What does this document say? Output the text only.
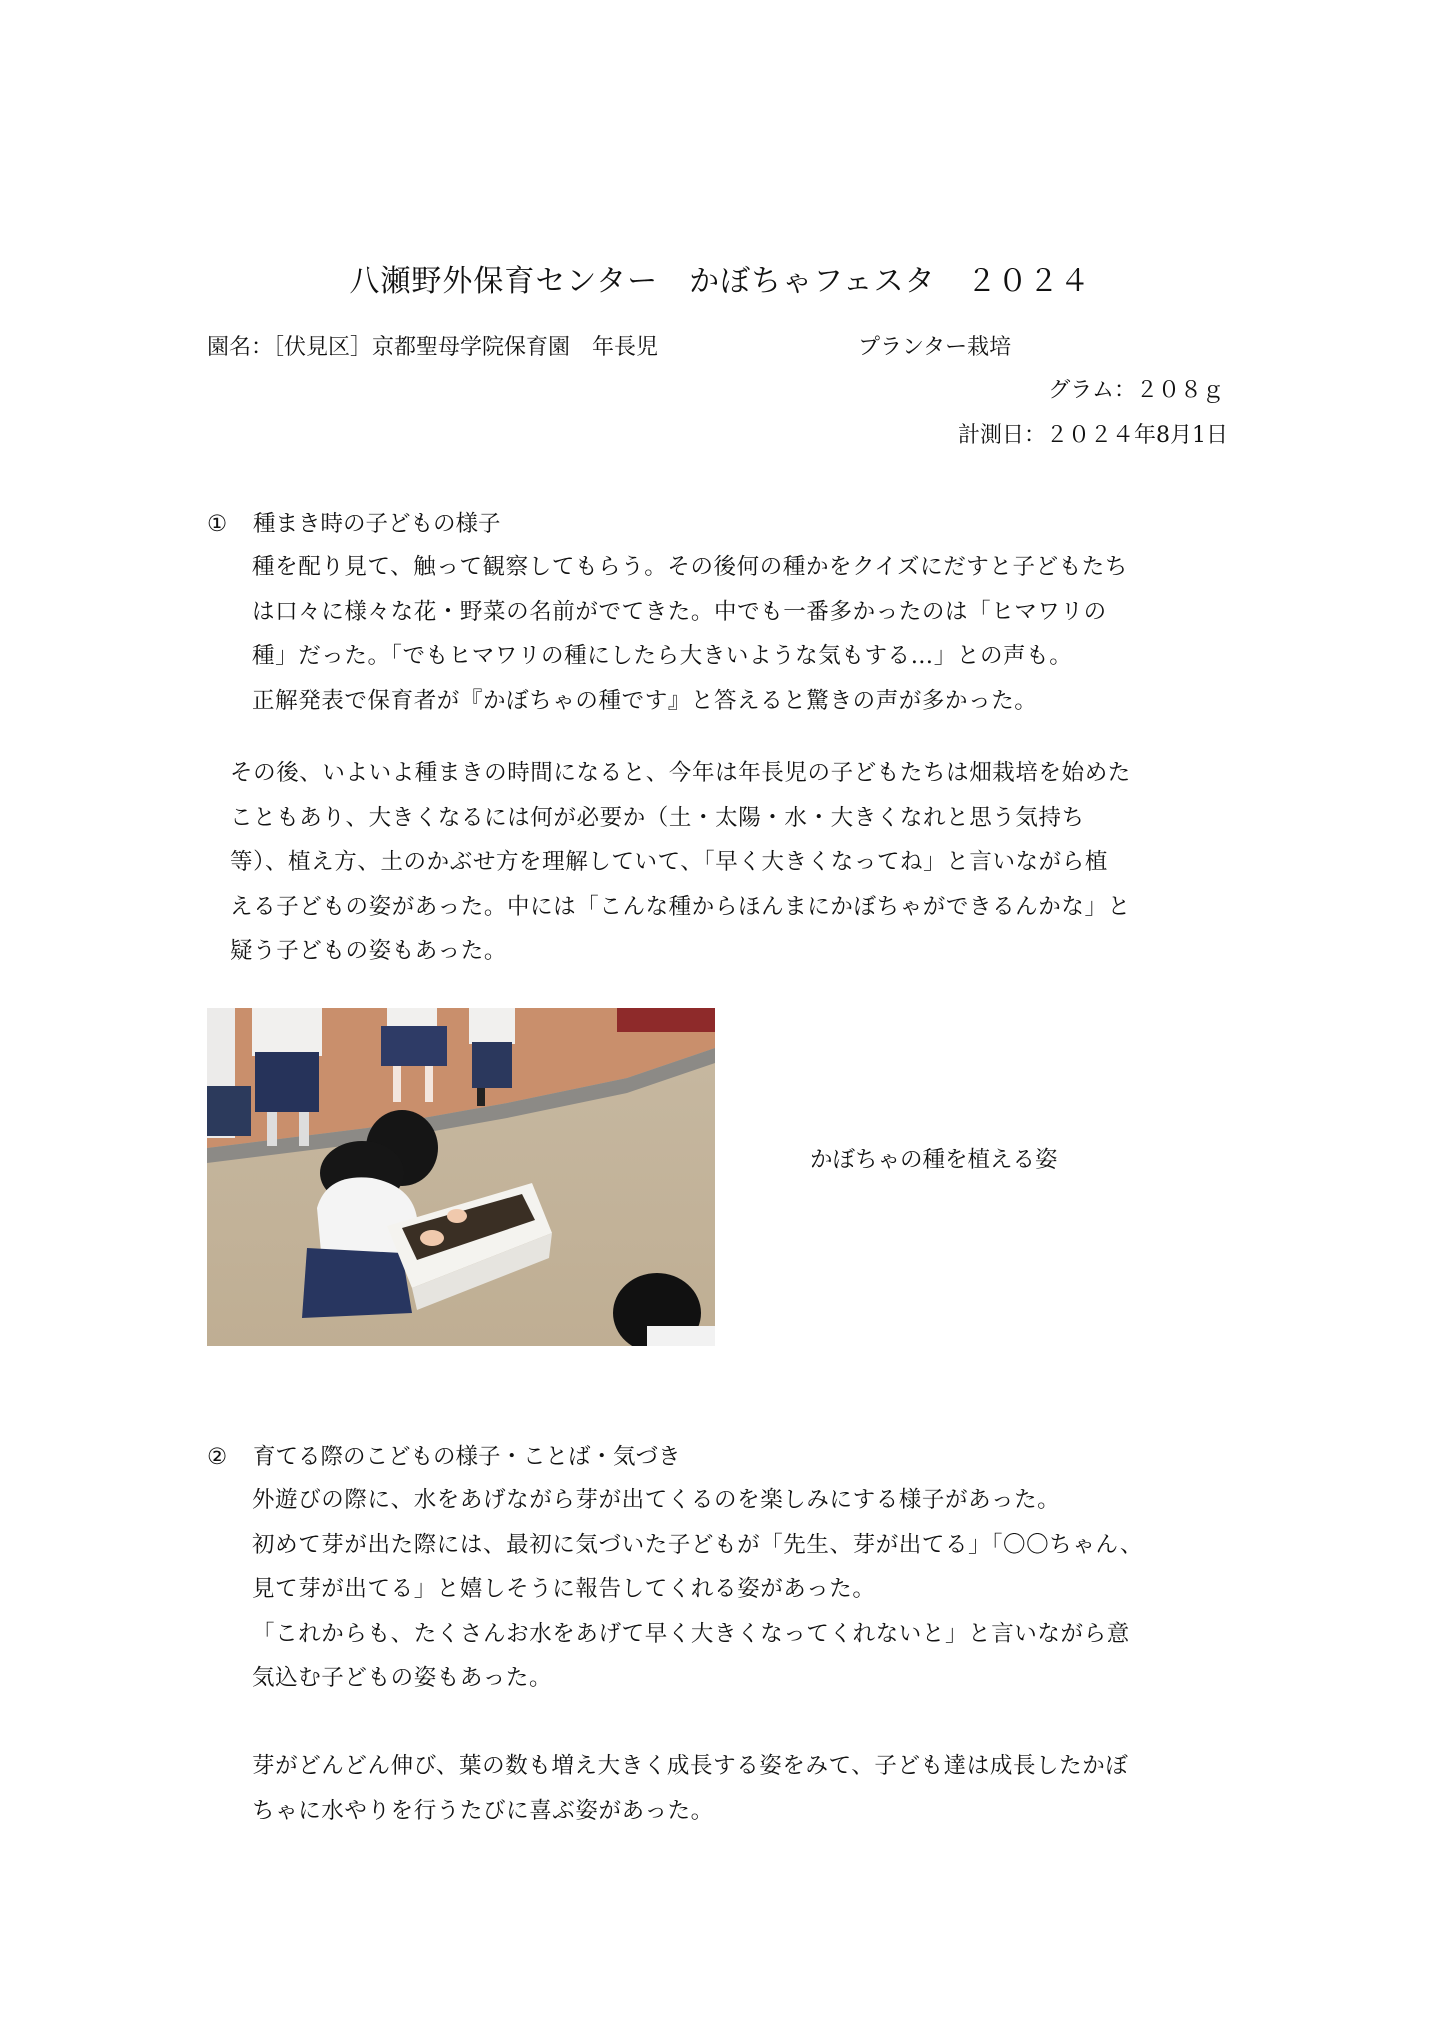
八瀬野外保育センター　かぼちゃフェスタ　２０２４
園名：［伏見区］京都聖母学院保育園　年長児	プランター栽培
グラム：２０８ｇ
計測日：２０２４年8月1日
① 種まき時の子どもの様子

種を配り見て、触って観察してもらう。その後何の種かをクイズにだすと子どもたち

は口々に様々な花・野菜の名前がでてきた。中でも一番多かったのは「ヒマワリの

種」だった。「でもヒマワリの種にしたら大きいような気もする…」との声も。

正解発表で保育者が『かぼちゃの種です』と答えると驚きの声が多かった。

その後、いよいよ種まきの時間になると、今年は年長児の子どもたちは畑栽培を始めた

こともあり、大きくなるには何が必要か（土・太陽・水・大きくなれと思う気持ち

等）、植え方、土のかぶせ方を理解していて、「早く大きくなってね」と言いながら植

える子どもの姿があった。中には「こんな種からほんまにかぼちゃができるんかな」と

疑う子どもの姿もあった。

かぼちゃの種を植える姿
② 育てる際のこどもの様子・ことば・気づき

外遊びの際に、水をあげながら芽が出てくるのを楽しみにする様子があった。

初めて芽が出た際には、最初に気づいた子どもが「先生、芽が出てる」「〇〇ちゃん、

見て芽が出てる」と嬉しそうに報告してくれる姿があった。

「これからも、たくさんお水をあげて早く大きくなってくれないと」と言いながら意

気込む子どもの姿もあった。

芽がどんどん伸び、葉の数も増え大きく成長する姿をみて、子ども達は成長したかぼ

ちゃに水やりを行うたびに喜ぶ姿があった。
